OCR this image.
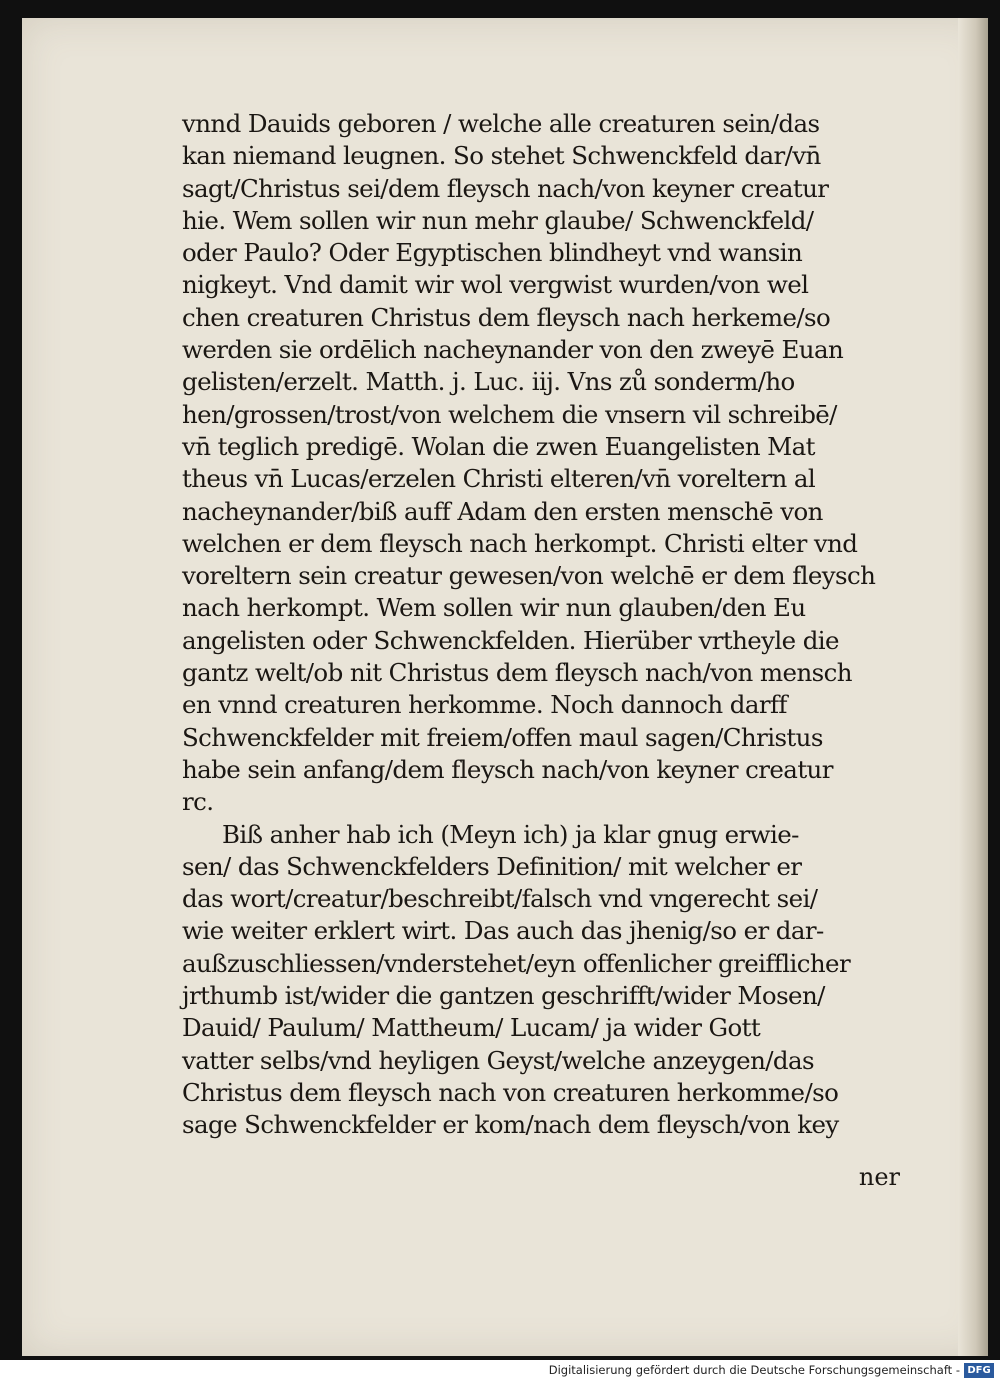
vnnd Dauids geboren / welche alle creaturen sein/das
kan niemand leugnen. So stehet Schwenckfeld dar/vn̄
sagt/Christus sei/dem fleysch nach/von keyner creatur
hie. Wem sollen wir nun mehr glaube/ Schwenckfeld/
oder Paulo? Oder Egyptischen blindheyt vnd wansin
nigkeyt. Vnd damit wir wol vergwist wurden/von wel
chen creaturen Christus dem fleysch nach herkeme/so
werden sie ordēlich nacheynander von den zweyē Euan
gelisten/erzelt. Matth. j. Luc. iij. Vns zů sonderm/ho
hen/grossen/trost/von welchem die vnsern vil schreibē/
vn̄ teglich predigē. Wolan die zwen Euangelisten Mat
theus vn̄ Lucas/erzelen Christi elteren/vn̄ voreltern al
nacheynander/biß auff Adam den ersten menschē von
welchen er dem fleysch nach herkompt. Christi elter vnd
voreltern sein creatur gewesen/von welchē er dem fleysch
nach herkompt. Wem sollen wir nun glauben/den Eu
angelisten oder Schwenckfelden. Hierüber vrtheyle die
gantz welt/ob nit Christus dem fleysch nach/von mensch
en vnnd creaturen herkomme. Noch dannoch darff
Schwenckfelder mit freiem/offen maul sagen/Christus
habe sein anfang/dem fleysch nach/von keyner creatur
rc.
Biß anher hab ich (Meyn ich) ja klar gnug erwie-
sen/ das Schwenckfelders Definition/ mit welcher er
das wort/creatur/beschreibt/falsch vnd vngerecht sei/
wie weiter erklert wirt. Das auch das jhenig/so er dar-
außzuschliessen/vnderstehet/eyn offenlicher greifflicher
jrthumb ist/wider die gantzen geschrifft/wider Mosen/
Dauid/ Paulum/ Mattheum/ Lucam/ ja wider Gott
vatter selbs/vnd heyligen Geyst/welche anzeygen/das
Christus dem fleysch nach von creaturen herkomme/so
sage Schwenckfelder er kom/nach dem fleysch/von key
ner
Digitalisierung gefördert durch die Deutsche Forschungsgemeinschaft - DFG
